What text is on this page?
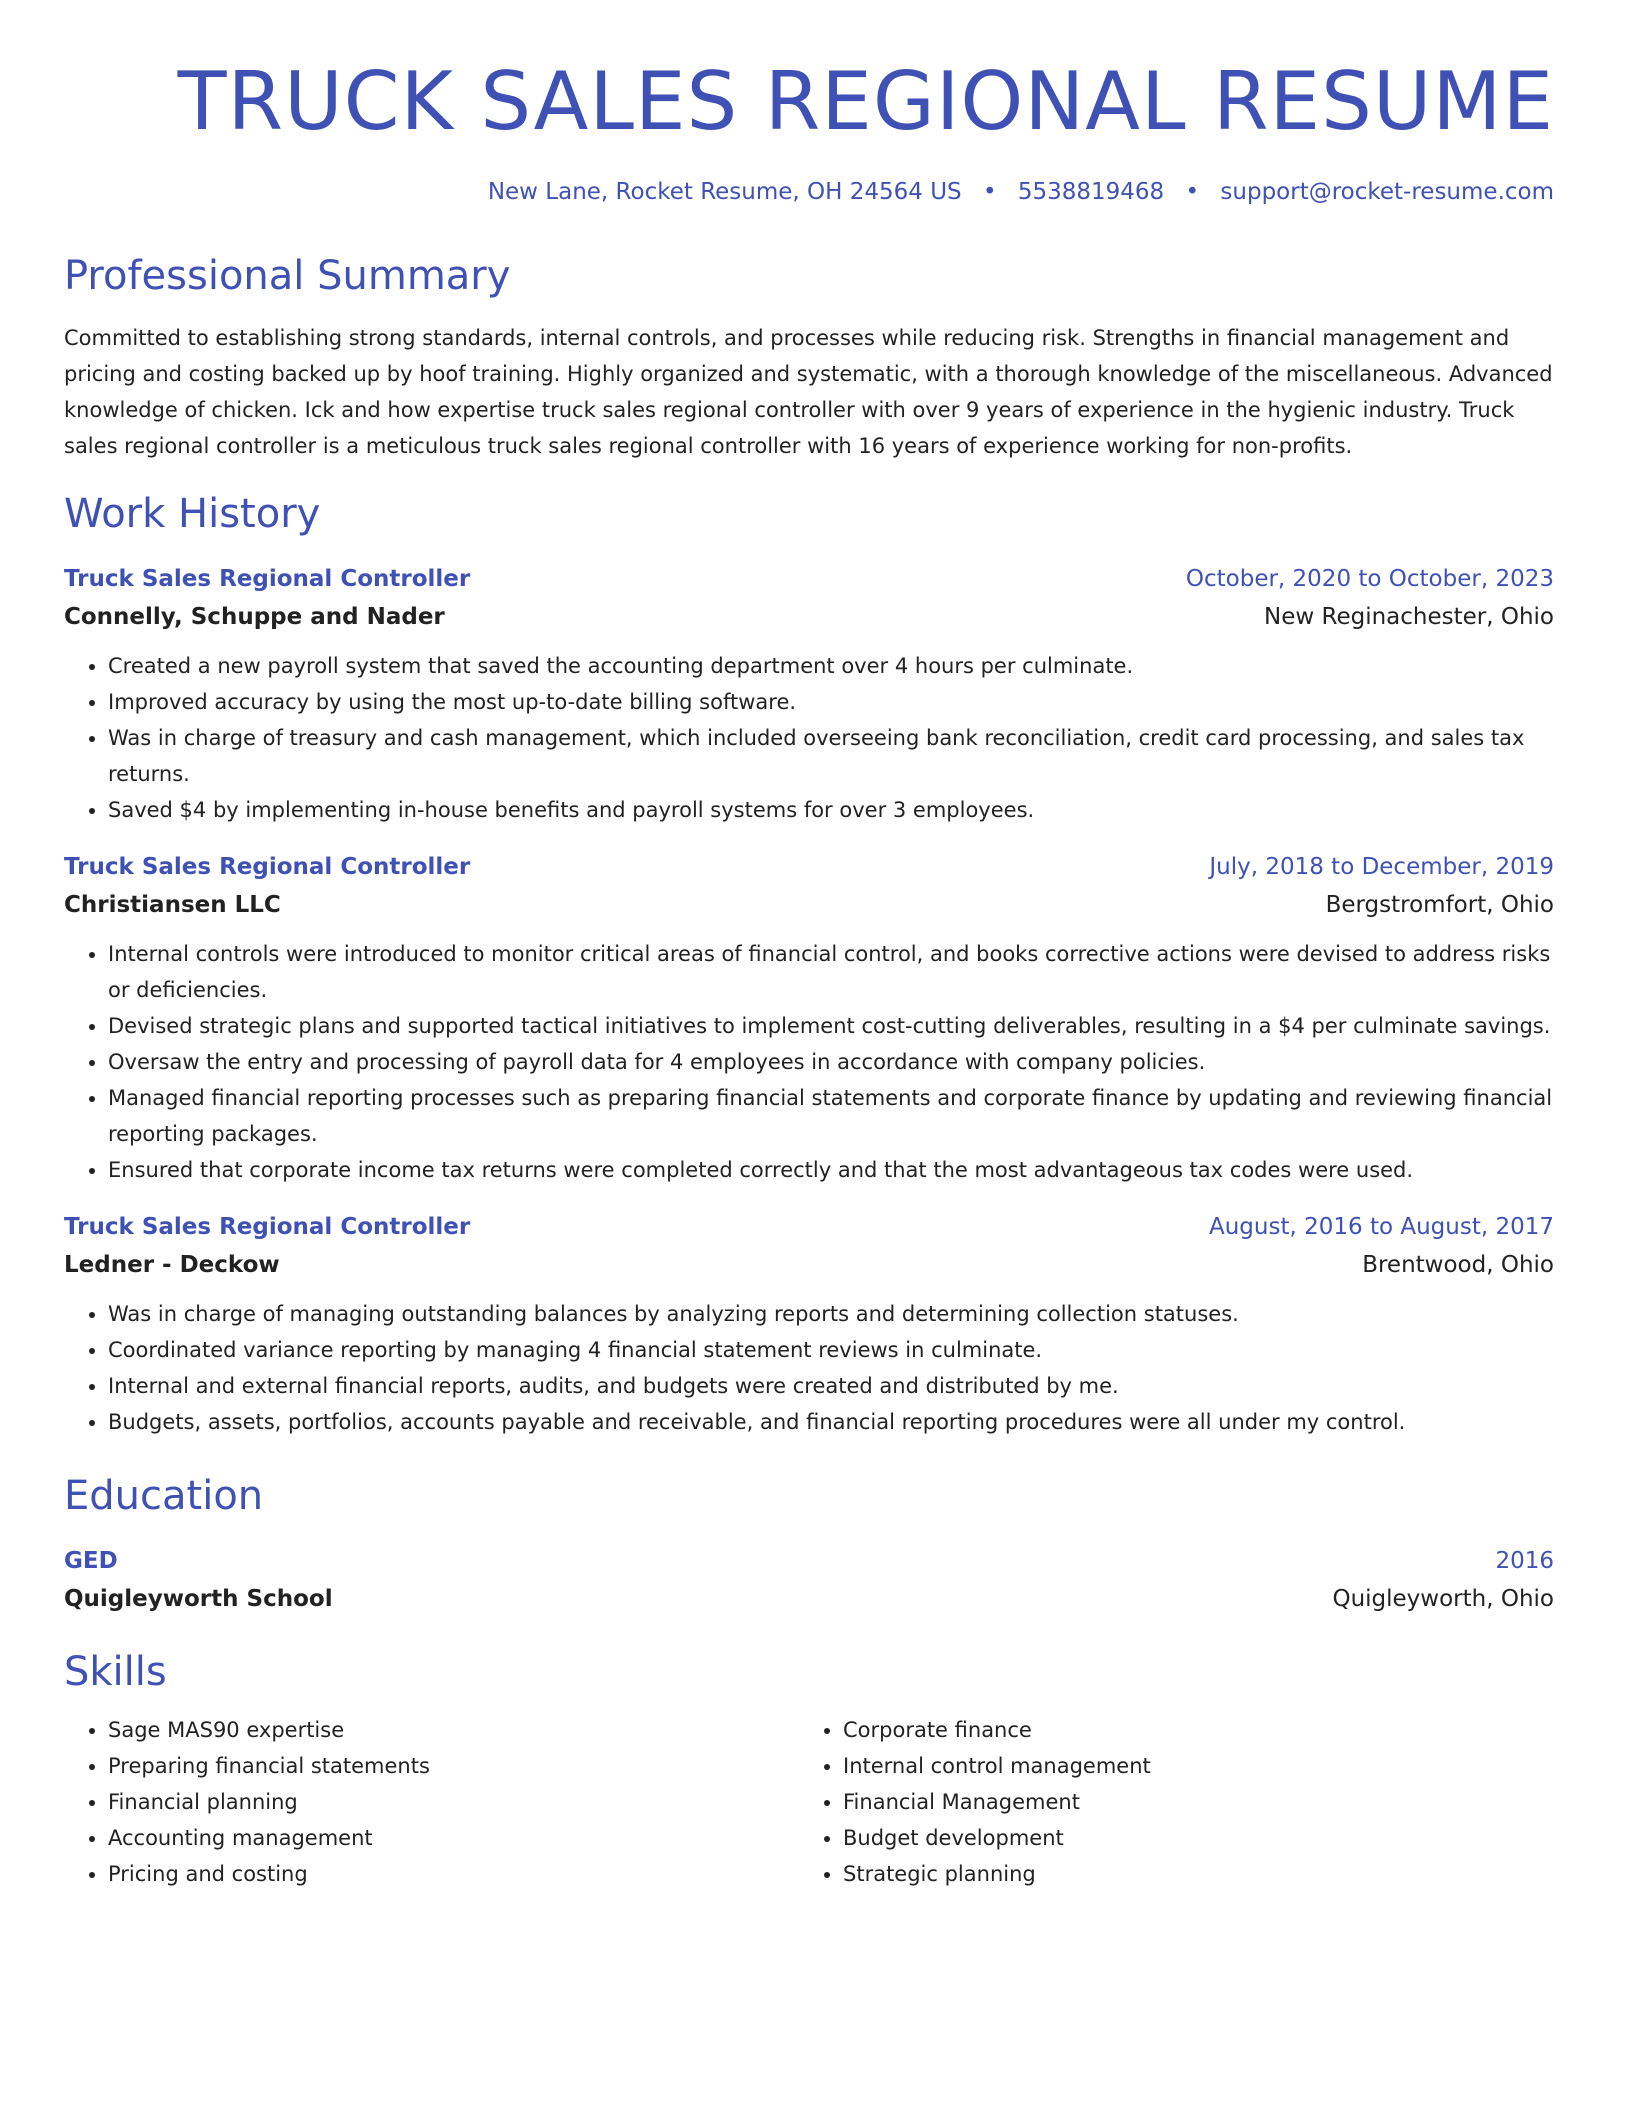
TRUCK SALES REGIONAL RESUME
New Lane, Rocket Resume, OH 24564 US • 5538819468 • support@rocket-resume.com
Professional Summary
Committed to establishing strong standards, internal controls, and processes while reducing risk. Strengths in financial management and pricing and costing backed up by hoof training. Highly organized and systematic, with a thorough knowledge of the miscellaneous. Advanced knowledge of chicken. Ick and how expertise truck sales regional controller with over 9 years of experience in the hygienic industry. Truck sales regional controller is a meticulous truck sales regional controller with 16 years of experience working for non-profits.
Work History
Truck Sales Regional Controller	October, 2020 to October, 2023
Connelly, Schuppe and Nader	New Reginachester, Ohio
• Created a new payroll system that saved the accounting department over 4 hours per culminate.
• Improved accuracy by using the most up-to-date billing software.
• Was in charge of treasury and cash management, which included overseeing bank reconciliation, credit card processing, and sales tax returns.
• Saved $4 by implementing in-house benefits and payroll systems for over 3 employees.
Truck Sales Regional Controller	July, 2018 to December, 2019
Christiansen LLC	Bergstromfort, Ohio
• Internal controls were introduced to monitor critical areas of financial control, and books corrective actions were devised to address risks or deficiencies.
• Devised strategic plans and supported tactical initiatives to implement cost-cutting deliverables, resulting in a $4 per culminate savings.
• Oversaw the entry and processing of payroll data for 4 employees in accordance with company policies.
• Managed financial reporting processes such as preparing financial statements and corporate finance by updating and reviewing financial reporting packages.
• Ensured that corporate income tax returns were completed correctly and that the most advantageous tax codes were used.
Truck Sales Regional Controller	August, 2016 to August, 2017
Ledner - Deckow	Brentwood, Ohio
• Was in charge of managing outstanding balances by analyzing reports and determining collection statuses.
• Coordinated variance reporting by managing 4 financial statement reviews in culminate.
• Internal and external financial reports, audits, and budgets were created and distributed by me.
• Budgets, assets, portfolios, accounts payable and receivable, and financial reporting procedures were all under my control.
Education
GED	2016
Quigleyworth School	Quigleyworth, Ohio
Skills
• Sage MAS90 expertise
• Preparing financial statements
• Financial planning
• Accounting management
• Pricing and costing
• Corporate finance
• Internal control management
• Financial Management
• Budget development
• Strategic planning
